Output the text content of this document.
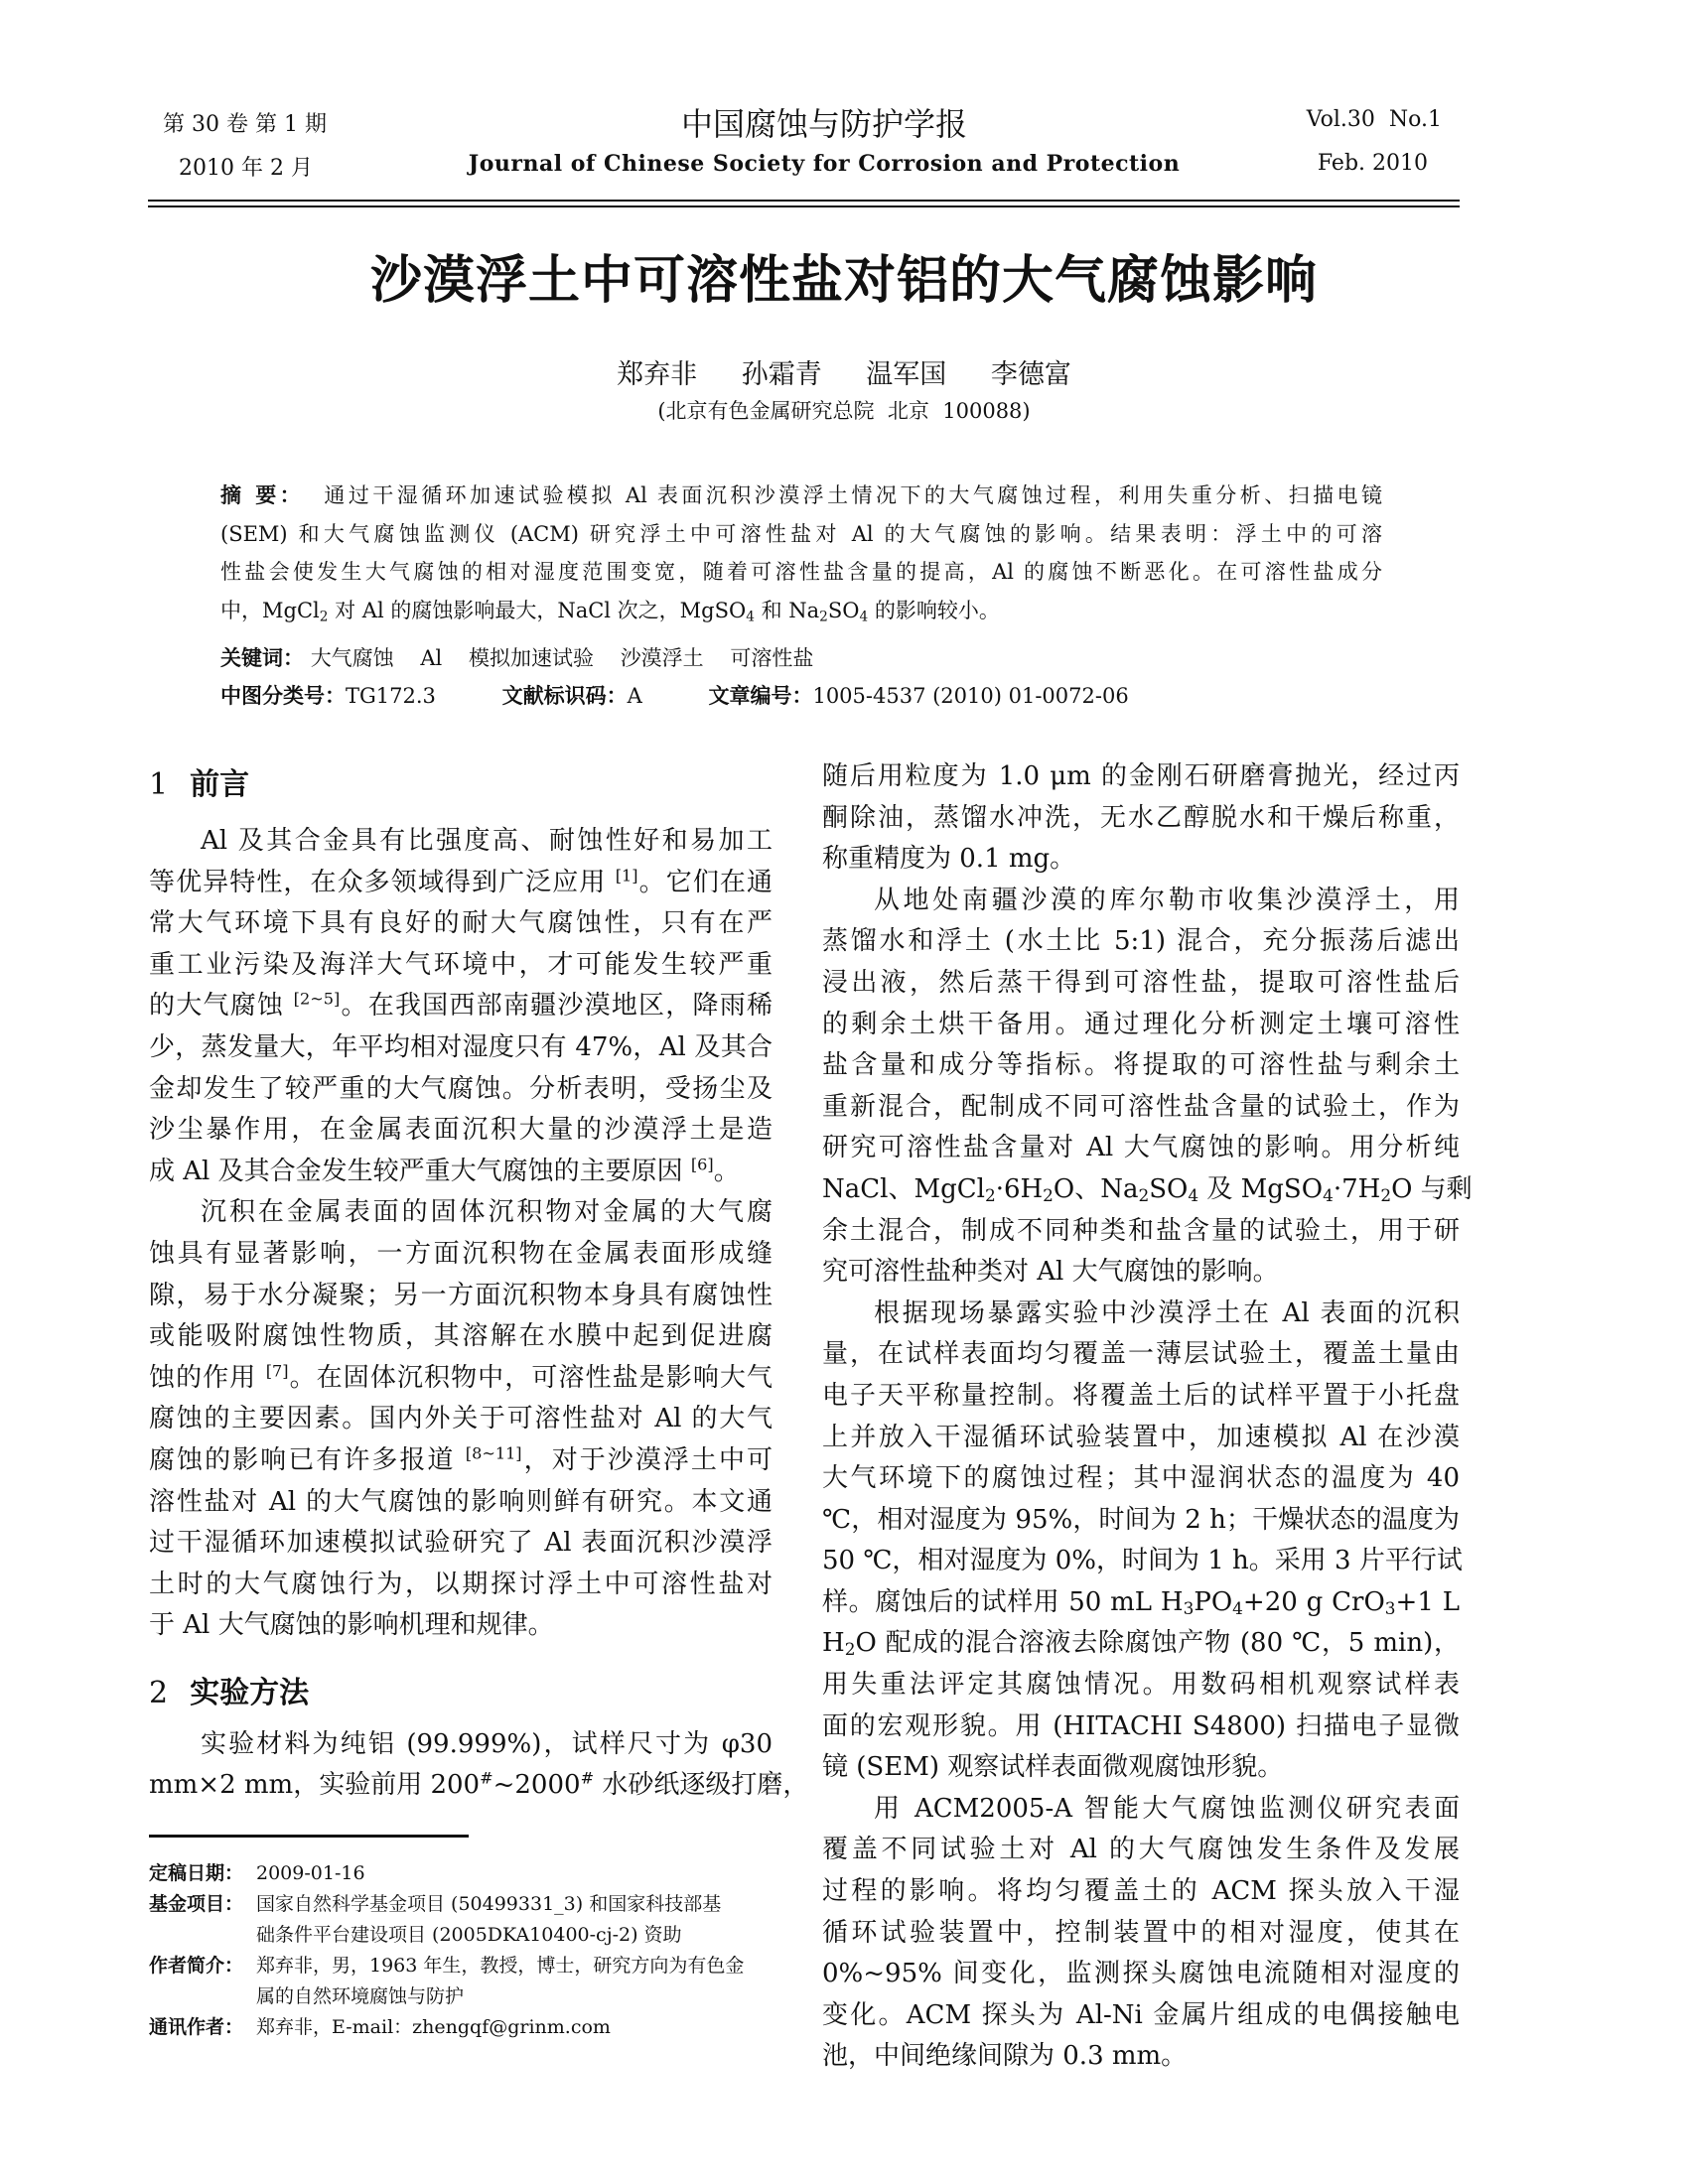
第 30 卷 第 1 期
2010 年 2 月
中国腐蚀与防护学报
Journal of Chinese Society for Corrosion and Protection
Vol.30  No.1
Feb. 2010
沙漠浮土中可溶性盐对铝的大气腐蚀影响
郑弃非 孙霜青 温军国 李德富
(北京有色金属研究总院  北京  100088)
摘 要： 通过干湿循环加速试验模拟 Al 表面沉积沙漠浮土情况下的大气腐蚀过程，利用失重分析、扫描电镜
(SEM) 和大气腐蚀监测仪 (ACM) 研究浮土中可溶性盐对 Al 的大气腐蚀的影响。结果表明：浮土中的可溶
性盐会使发生大气腐蚀的相对湿度范围变宽，随着可溶性盐含量的提高，Al 的腐蚀不断恶化。在可溶性盐成分
中，MgCl$_2$ 对 Al 的腐蚀影响最大，NaCl 次之，MgSO$_4$ 和 $Na_2SO_4$ 的影响较小。
关键词： 大气腐蚀 Al 模拟加速试验 沙漠浮土 可溶性盐
中图分类号：TG172.3	文献标识码：A	文章编号：1005-4537 (2010) 01-0072-06
1 前言
Al 及其合金具有比强度高、耐蚀性好和易加工
等优异特性，在众多领域得到广泛应用 [1]。它们在通
常大气环境下具有良好的耐大气腐蚀性，只有在严
重工业污染及海洋大气环境中，才可能发生较严重
的大气腐蚀 [2~5]。在我国西部南疆沙漠地区，降雨稀
少，蒸发量大，年平均相对湿度只有 47%，Al 及其合
金却发生了较严重的大气腐蚀。分析表明，受扬尘及
沙尘暴作用，在金属表面沉积大量的沙漠浮土是造
成 Al 及其合金发生较严重大气腐蚀的主要原因 [6]。
沉积在金属表面的固体沉积物对金属的大气腐
蚀具有显著影响，一方面沉积物在金属表面形成缝
隙，易于水分凝聚；另一方面沉积物本身具有腐蚀性
或能吸附腐蚀性物质，其溶解在水膜中起到促进腐
蚀的作用 [7]。在固体沉积物中，可溶性盐是影响大气
腐蚀的主要因素。国内外关于可溶性盐对 Al 的大气
腐蚀的影响已有许多报道 [8~11]，对于沙漠浮土中可
溶性盐对 Al 的大气腐蚀的影响则鲜有研究。本文通
过干湿循环加速模拟试验研究了 Al 表面沉积沙漠浮
土时的大气腐蚀行为，以期探讨浮土中可溶性盐对
于 Al 大气腐蚀的影响机理和规律。
2 实验方法
实验材料为纯铝 (99.999%)，试样尺寸为 φ30
mm×2 mm，实验前用 200#~2000# 水砂纸逐级打磨，
随后用粒度为 1.0 μm 的金刚石研磨膏抛光，经过丙
酮除油，蒸馏水冲洗，无水乙醇脱水和干燥后称重，
称重精度为 0.1 mg。
从地处南疆沙漠的库尔勒市收集沙漠浮土，用
蒸馏水和浮土 (水土比 5:1) 混合，充分振荡后滤出
浸出液，然后蒸干得到可溶性盐，提取可溶性盐后
的剩余土烘干备用。通过理化分析测定土壤可溶性
盐含量和成分等指标。将提取的可溶性盐与剩余土
重新混合，配制成不同可溶性盐含量的试验土，作为
研究可溶性盐含量对 Al 大气腐蚀的影响。用分析纯
NaCl、$MgCl_2\cdot 6H_2O$、$Na_2SO_4$ 及 $MgSO_4\cdot 7H_2O$ 与剩
余土混合，制成不同种类和盐含量的试验土，用于研
究可溶性盐种类对 Al 大气腐蚀的影响。
根据现场暴露实验中沙漠浮土在 Al 表面的沉积
量，在试样表面均匀覆盖一薄层试验土，覆盖土量由
电子天平称量控制。将覆盖土后的试样平置于小托盘
上并放入干湿循环试验装置中，加速模拟 Al 在沙漠
大气环境下的腐蚀过程；其中湿润状态的温度为 40
℃，相对湿度为 95%，时间为 2 h；干燥状态的温度为
50 ℃，相对湿度为 0%，时间为 1 h。采用 3 片平行试
样。腐蚀后的试样用 50 mL $H_3PO_4+20$ g CrO$_3$+1 L
$H_2O$ 配成的混合溶液去除腐蚀产物 (80 ℃，5 min)，
用失重法评定其腐蚀情况。用数码相机观察试样表
面的宏观形貌。用 (HITACHI S4800) 扫描电子显微
镜 (SEM) 观察试样表面微观腐蚀形貌。
用 ACM2005-A 智能大气腐蚀监测仪研究表面
覆盖不同试验土对 Al 的大气腐蚀发生条件及发展
过程的影响。将均匀覆盖土的 ACM 探头放入干湿
循环试验装置中，控制装置中的相对湿度，使其在
0%~95% 间变化，监测探头腐蚀电流随相对湿度的
变化。ACM 探头为 Al-Ni 金属片组成的电偶接触电
池，中间绝缘间隙为 0.3 mm。
定稿日期： 2009-01-16
基金项目： 国家自然科学基金项目 (50499331_3) 和国家科技部基
础条件平台建设项目 (2005DKA10400-cj-2) 资助
作者简介： 郑弃非，男，1963 年生，教授，博士，研究方向为有色金
属的自然环境腐蚀与防护
通讯作者： 郑弃非，E-mail：zhengqf@grinm.com
